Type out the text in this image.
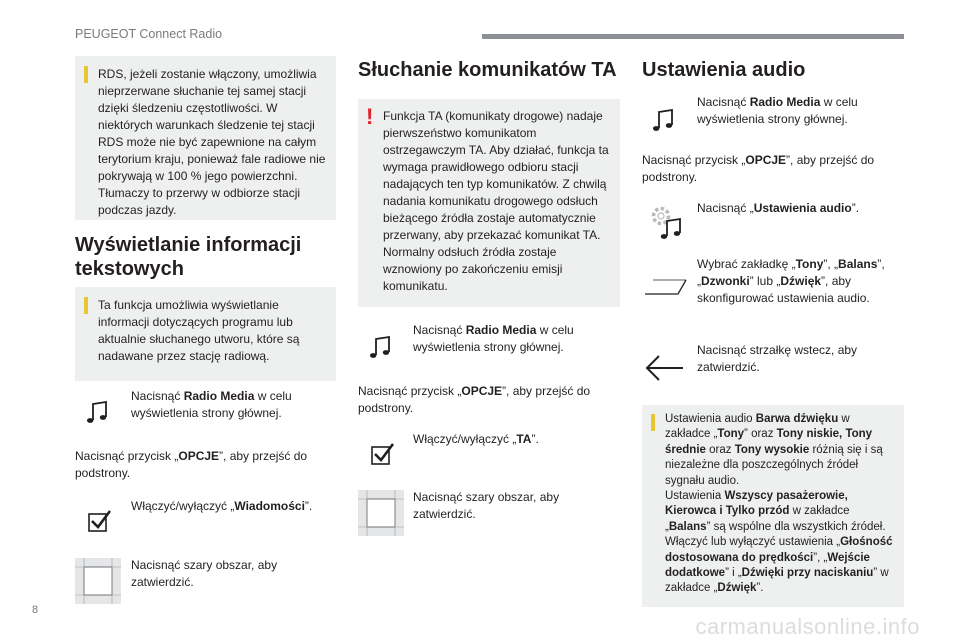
PEUGEOT Connect Radio

RDS, jeżeli zostanie włączony, umożliwia nieprzerwane słuchanie tej samej stacji dzięki śledzeniu częstotliwości. W niektórych warunkach śledzenie tej stacji RDS może nie być zapewnione na całym terytorium kraju, ponieważ fale radiowe nie pokrywają w 100 % jego powierzchni. Tłumaczy to przerwy w odbiorze stacji podczas jazdy.

Wyświetlanie informacji tekstowych

Ta funkcja umożliwia wyświetlanie informacji dotyczących programu lub aktualnie słuchanego utworu, które są nadawane przez stację radiową.

Nacisnąć Radio Media w celu wyświetlenia strony głównej.
Nacisnąć przycisk „OPCJE”, aby przejść do podstrony.
Włączyć/wyłączyć „Wiadomości”.
Nacisnąć szary obszar, aby zatwierdzić.
Słuchanie komunikatów TA
! Funkcja TA (komunikaty drogowe) nadaje pierwszeństwo komunikatom ostrzegawczym TA. Aby działać, funkcja ta wymaga prawidłowego odbioru stacji nadających ten typ komunikatów. Z chwilą nadania komunikatu drogowego odsłuch bieżącego źródła zostaje automatycznie przerwany, aby przekazać komunikat TA. Normalny odsłuch źródła zostaje wznowiony po zakończeniu emisji komunikatu.

Nacisnąć Radio Media w celu wyświetlenia strony głównej.
Nacisnąć przycisk „OPCJE”, aby przejść do podstrony.
Włączyć/wyłączyć „TA”.
Nacisnąć szary obszar, aby zatwierdzić.
Ustawienia audio
Nacisnąć Radio Media w celu wyświetlenia strony głównej.
Nacisnąć przycisk „OPCJE”, aby przejść do podstrony.
Nacisnąć „Ustawienia audio”.
Wybrać zakładkę „Tony”, „Balans”, „Dzwonki” lub „Dźwięk”, aby skonfigurować ustawienia audio.
Nacisnąć strzałkę wstecz, aby zatwierdzić.

Ustawienia audio Barwa dźwięku w zakładce „Tony” oraz Tony niskie, Tony średnie oraz Tony wysokie różnią się i są niezależne dla poszczególnych źródeł sygnału audio.

Ustawienia Wszyscy pasażerowie, Kierowca i Tylko przód w zakładce „Balans” są wspólne dla wszystkich źródeł.

Włączyć lub wyłączyć ustawienia „Głośność dostosowana do prędkości”, „Wejście dodatkowe” i „Dźwięki przy naciskaniu” w zakładce „Dźwięk”.

8
carmanualsonline.info
